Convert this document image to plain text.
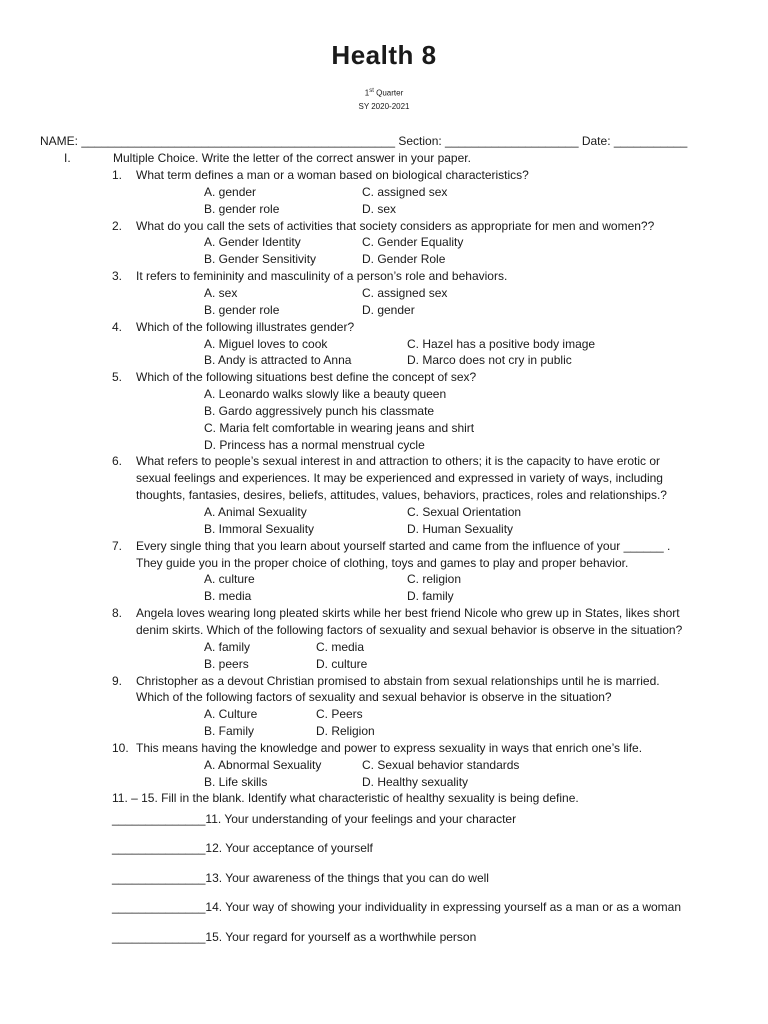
Health 8
1st Quarter
SY 2020-2021
NAME: _______________________________________________ Section: ____________________ Date: ___________
I.	Multiple Choice. Write the letter of the correct answer in your paper.
1. What term defines a man or a woman based on biological characteristics?
A. gender	C. assigned sex
B. gender role	D. sex
2. What do you call the sets of activities that society considers as appropriate for men and women??
A. Gender Identity	C. Gender Equality
B. Gender Sensitivity	D. Gender Role
3. It refers to femininity and masculinity of a person’s role and behaviors.
A. sex	C. assigned sex
B. gender role	D. gender
4. Which of the following illustrates gender?
A. Miguel loves to cook	C. Hazel has a positive body image
B. Andy is attracted to Anna	D. Marco does not cry in public
5. Which of the following situations best define the concept of sex?
A. Leonardo walks slowly like a beauty queen
B. Gardo aggressively punch his classmate
C. Maria felt comfortable in wearing jeans and shirt
D. Princess has a normal menstrual cycle
6. What refers to people’s sexual interest in and attraction to others; it is the capacity to have erotic or
sexual feelings and experiences. It may be experienced and expressed in variety of ways, including
thoughts, fantasies, desires, beliefs, attitudes, values, behaviors, practices, roles and relationships.?
A. Animal Sexuality	C. Sexual Orientation
B. Immoral Sexuality	D. Human Sexuality
7. Every single thing that you learn about yourself started and came from the influence of your ______ .
They guide you in the proper choice of clothing, toys and games to play and proper behavior.
A. culture	C. religion
B. media	D. family
8. Angela loves wearing long pleated skirts while her best friend Nicole who grew up in States, likes short
denim skirts. Which of the following factors of sexuality and sexual behavior is observe in the situation?
A. family	C. media
B. peers	D. culture
9. Christopher as a devout Christian promised to abstain from sexual relationships until he is married.
Which of the following factors of sexuality and sexual behavior is observe in the situation?
A. Culture	C. Peers
B. Family	D. Religion
10. This means having the knowledge and power to express sexuality in ways that enrich one’s life.
A. Abnormal Sexuality	C. Sexual behavior standards
B. Life skills	D. Healthy sexuality
11. – 15. Fill in the blank. Identify what characteristic of healthy sexuality is being define.
______________11. Your understanding of your feelings and your character
______________12. Your acceptance of yourself
______________13. Your awareness of the things that you can do well
______________14. Your way of showing your individuality in expressing yourself as a man or as a woman
______________15. Your regard for yourself as a worthwhile person
